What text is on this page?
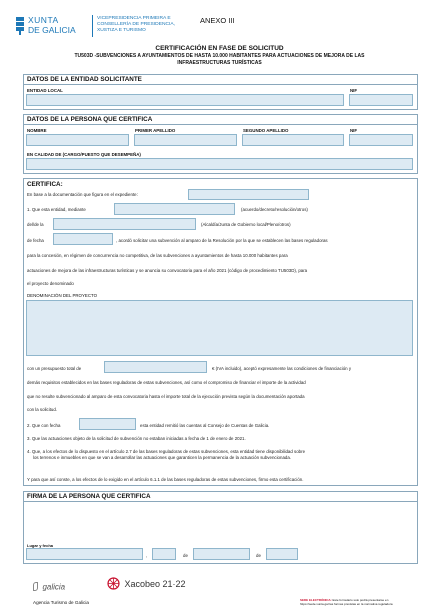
XUNTA
DE GALICIA
VICEPRESIDENCIA PRIMEIRA E
CONSELLERÍA DE PRESIDENCIA,
XUSTIZA E TURISMO
ANEXO III
CERTIFICACIÓN EN FASE DE SOLICITUD
TU503D -SUBVENCIONES A AYUNTAMIENTOS DE HASTA 10.000 HABITANTES PARA ACTUACIONES DE MEJORA DE LAS
INFRAESTRUCTURAS TURÍSTICAS
DATOS DE LA ENTIDAD SOLICITANTE
ENTIDAD LOCAL	NIF
DATOS DE LA PERSONA QUE CERTIFICA
NOMBRE	PRIMER APELLIDO	SEGUNDO APELLIDO	NIF
EN CALIDAD DE (CARGO/PUESTO QUE DESEMPEÑA)
CERTIFICA:
En base a la documentación que figura en el expediente:
1. Que esta entidad, mediante	(acuerdo/decreto/resolución/otros)
del/de la	(Alcaldía/Junta de Gobierno local/Pleno/otros)
de fecha	, acordó solicitar una subvención al amparo de la Resolución por la que se establecen las bases reguladoras
para la concesión, en régimen de concurrencia no competitiva, de las subvenciones a ayuntamientos de hasta 10.000 habitantes para
actuaciones de mejora de las infraestructuras turísticas y se anuncia su convocatoria para el año 2021 (código de procedimiento TU503D), para
el proyecto denominado
DENOMINACIÓN DEL PROYECTO
con un presupuesto total de	€ (IVA incluido), aceptó expresamente las condiciones de financiación y
demás requisitos establecidos en las bases reguladoras de estas subvenciones, así como el compromiso de financiar el importe de la actividad
que no resulte subvencionado al amparo de esta convocatoria hasta el importe total de la ejecución prevista según la documentación aportada
con la solicitud.
2. Que con fecha	esta entidad remitió las cuentas al Consejo de Cuentas de Galicia.
3. Que las actuaciones objeto de la solicitud de subvención no estaban iniciadas a fecha de 1 de enero de 2021.
4. Que, a los efectos de lo dispuesto en el artículo 2.7 de las bases reguladoras de estas subvenciones, esta entidad tiene disponibilidad sobre
los terrenos e inmuebles en que se van a desarrollar las actuaciones que garanticen la permanencia de la actuación subvencionada.
Y para que así conste, a los efectos de lo exigido en el artículo 6.1.1 de las bases reguladoras de estas subvenciones, firmo esta certificación.
FIRMA DE LA PERSONA QUE CERTIFICA
Lugar y fecha
,	de	de
galicia	Xacobeo 21·22
Agencia Turismo de Galicia	SEDE ELECTRÓNICA: Este formulario solo podrá presentarse en
https://sede.xunta.gal las formas previstas en la normativa reguladora
